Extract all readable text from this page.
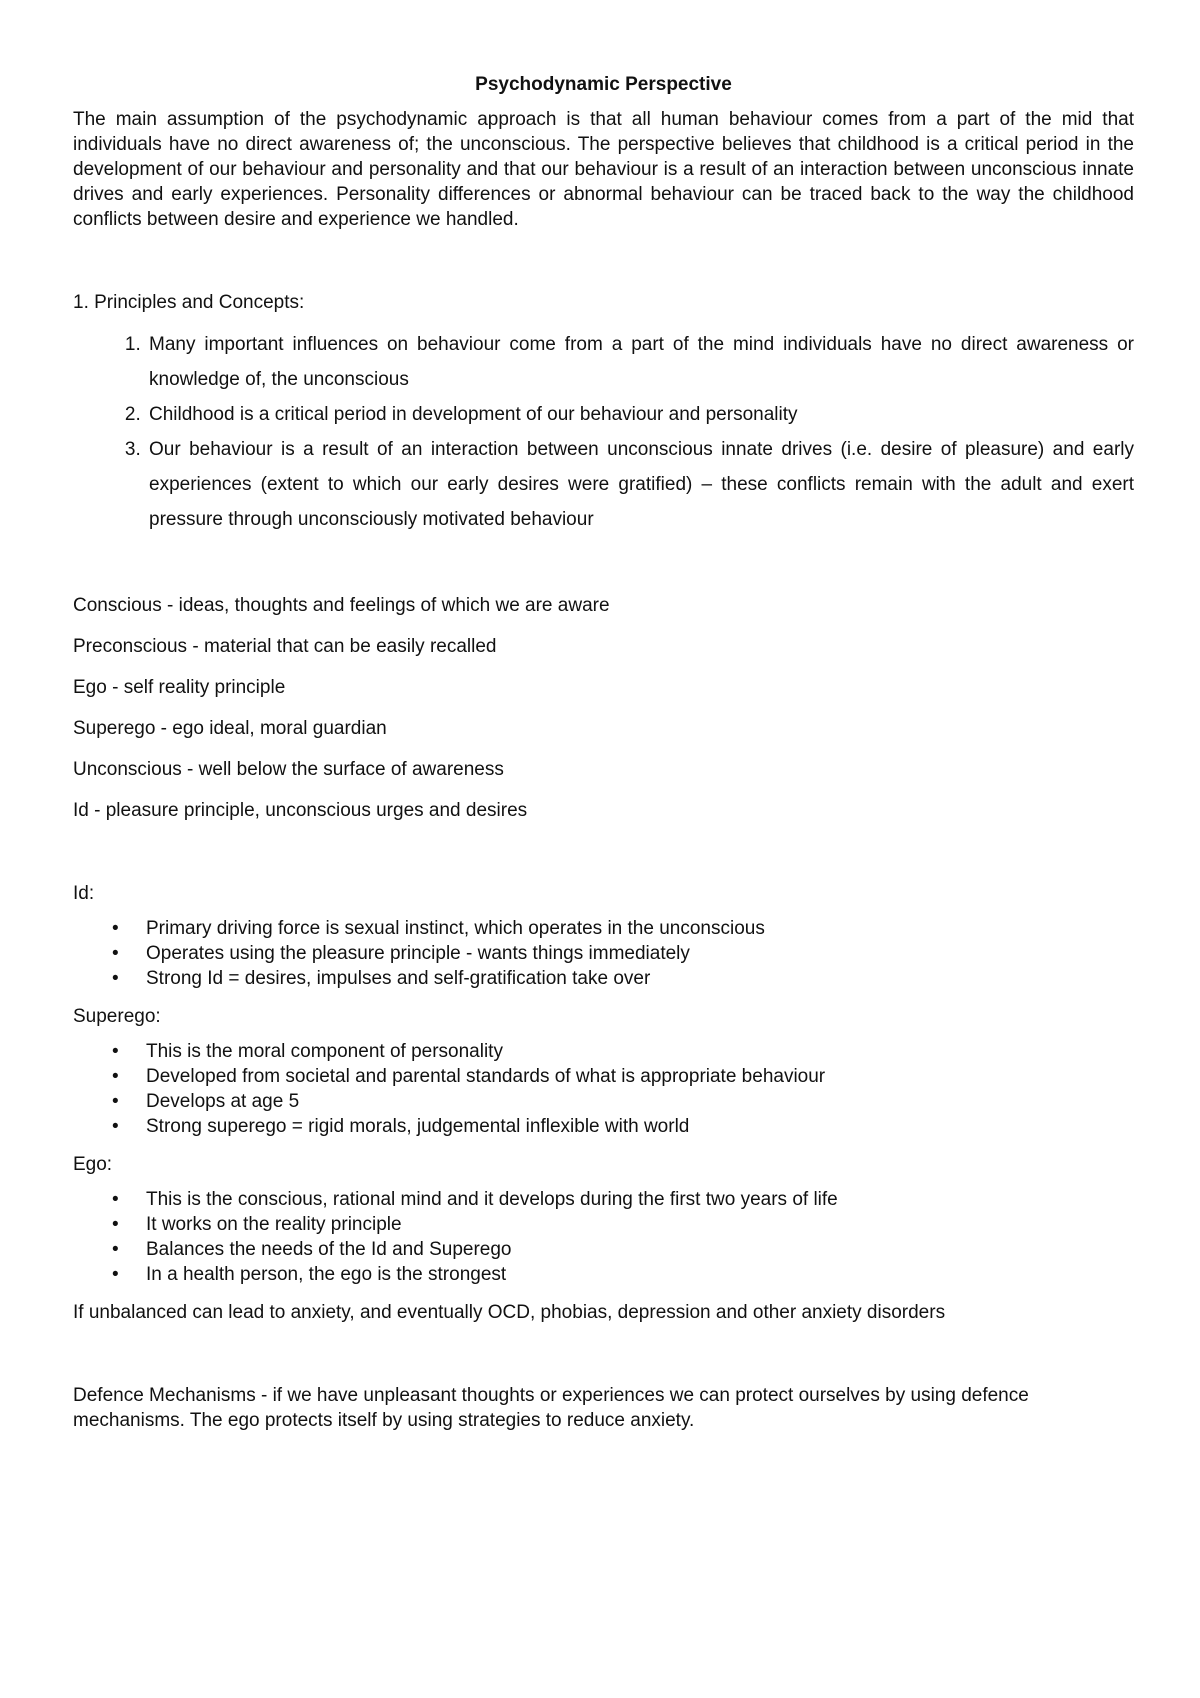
Psychodynamic Perspective

The main assumption of the psychodynamic approach is that all human behaviour comes from a part of the mid that individuals have no direct awareness of; the unconscious. The perspective believes that childhood is a critical period in the development of our behaviour and personality and that our behaviour is a result of an interaction between unconscious innate drives and early experiences. Personality differences or abnormal behaviour can be traced back to the way the childhood conflicts between desire and experience we handled.

1. Principles and Concepts:

1. Many important influences on behaviour come from a part of the mind individuals have no direct awareness or knowledge of, the unconscious
2. Childhood is a critical period in development of our behaviour and personality
3. Our behaviour is a result of an interaction between unconscious innate drives (i.e. desire of pleasure) and early experiences (extent to which our early desires were gratified) – these conflicts remain with the adult and exert pressure through unconsciously motivated behaviour

Conscious - ideas, thoughts and feelings of which we are aware

Preconscious - material that can be easily recalled

Ego - self reality principle

Superego - ego ideal, moral guardian

Unconscious - well below the surface of awareness

Id - pleasure principle, unconscious urges and desires

Id:

• Primary driving force is sexual instinct, which operates in the unconscious
• Operates using the pleasure principle - wants things immediately
• Strong Id = desires, impulses and self-gratification take over

Superego:

• This is the moral component of personality
• Developed from societal and parental standards of what is appropriate behaviour
• Develops at age 5
• Strong superego = rigid morals, judgemental inflexible with world

Ego:

• This is the conscious, rational mind and it develops during the first two years of life
• It works on the reality principle
• Balances the needs of the Id and Superego
• In a health person, the ego is the strongest

If unbalanced can lead to anxiety, and eventually OCD, phobias, depression and other anxiety disorders

Defence Mechanisms - if we have unpleasant thoughts or experiences we can protect ourselves by using defence mechanisms. The ego protects itself by using strategies to reduce anxiety.
